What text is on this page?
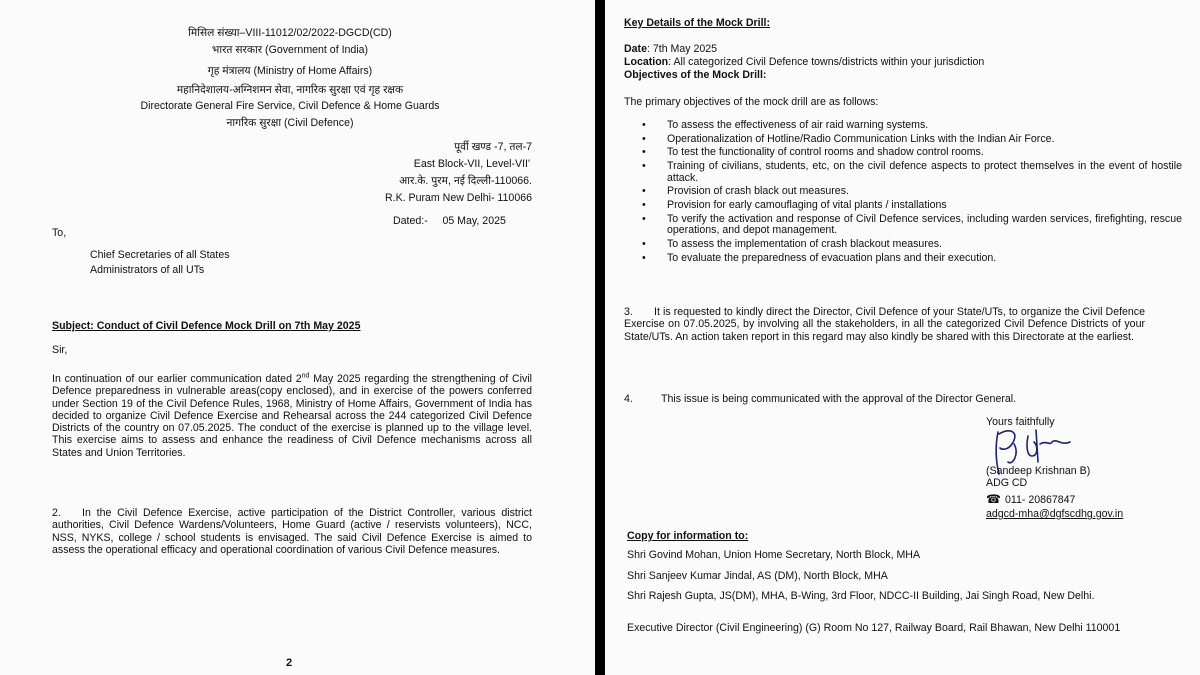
मिसिल संख्या–VIII-11012/02/2022-DGCD(CD)
भारत सरकार (Government of India)
गृह मंत्रालय (Ministry of Home Affairs)
महानिदेशालय-अग्निशमन सेवा, नागरिक सुरक्षा एवं गृह रक्षक
Directorate General Fire Service, Civil Defence & Home Guards
नागरिक सुरक्षा (Civil Defence)
पूर्वी खण्ड -7, तल-7
East Block-VII, Level-VII'
आर.के. पुरम, नई दिल्ली-110066.
R.K. Puram New Delhi- 110066
Dated:-     05 May, 2025
To,
Chief Secretaries of all States
Administrators of all UTs
Subject: Conduct of Civil Defence Mock Drill on 7th May 2025
Sir,
In continuation of our earlier communication dated 2nd May 2025 regarding the strengthening of Civil Defence preparedness in vulnerable areas(copy enclosed), and in exercise of the powers conferred under Section 19 of the Civil Defence Rules, 1968, Ministry of Home Affairs, Government of India has decided to organize Civil Defence Exercise and Rehearsal across the 244 categorized Civil Defence Districts of the country on 07.05.2025. The conduct of the exercise is planned up to the village level. This exercise aims to assess and enhance the readiness of Civil Defence mechanisms across all States and Union Territories.
2. In the Civil Defence Exercise, active participation of the District Controller, various district authorities, Civil Defence Wardens/Volunteers, Home Guard (active / reservists volunteers), NCC, NSS, NYKS, college / school students is envisaged. The said Civil Defence Exercise is aimed to assess the operational efficacy and operational coordination of various Civil Defence measures.
2
Key Details of the Mock Drill:
Date: 7th May 2025
Location: All categorized Civil Defence towns/districts within your jurisdiction
Objectives of the Mock Drill:
The primary objectives of the mock drill are as follows:
• To assess the effectiveness of air raid warning systems.
• Operationalization of Hotline/Radio Communication Links with the Indian Air Force.
• To test the functionality of control rooms and shadow control rooms.
• Training of civilians, students, etc, on the civil defence aspects to protect themselves in the event of hostile attack.
• Provision of crash black out measures.
• Provision for early camouflaging of vital plants / installations
• To verify the activation and response of Civil Defence services, including warden services, firefighting, rescue operations, and depot management.
• To assess the implementation of crash blackout measures.
• To evaluate the preparedness of evacuation plans and their execution.
3. It is requested to kindly direct the Director, Civil Defence of your State/UTs, to organize the Civil Defence Exercise on 07.05.2025, by involving all the stakeholders, in all the categorized Civil Defence Districts of your State/UTs. An action taken report in this regard may also kindly be shared with this Directorate at the earliest.
4.	This issue is being communicated with the approval of the Director General.
Yours faithfully
(Sandeep Krishnan B)
ADG CD
☎ 011- 20867847
adgcd-mha@dgfscdhg.gov.in
Copy for information to:
Shri Govind Mohan, Union Home Secretary, North Block, MHA
Shri Sanjeev Kumar Jindal, AS (DM), North Block, MHA
Shri Rajesh Gupta, JS(DM), MHA, B-Wing, 3rd Floor, NDCC-II Building, Jai Singh Road, New Delhi.
Executive Director (Civil Engineering) (G) Room No 127, Railway Board, Rail Bhawan, New Delhi 110001
